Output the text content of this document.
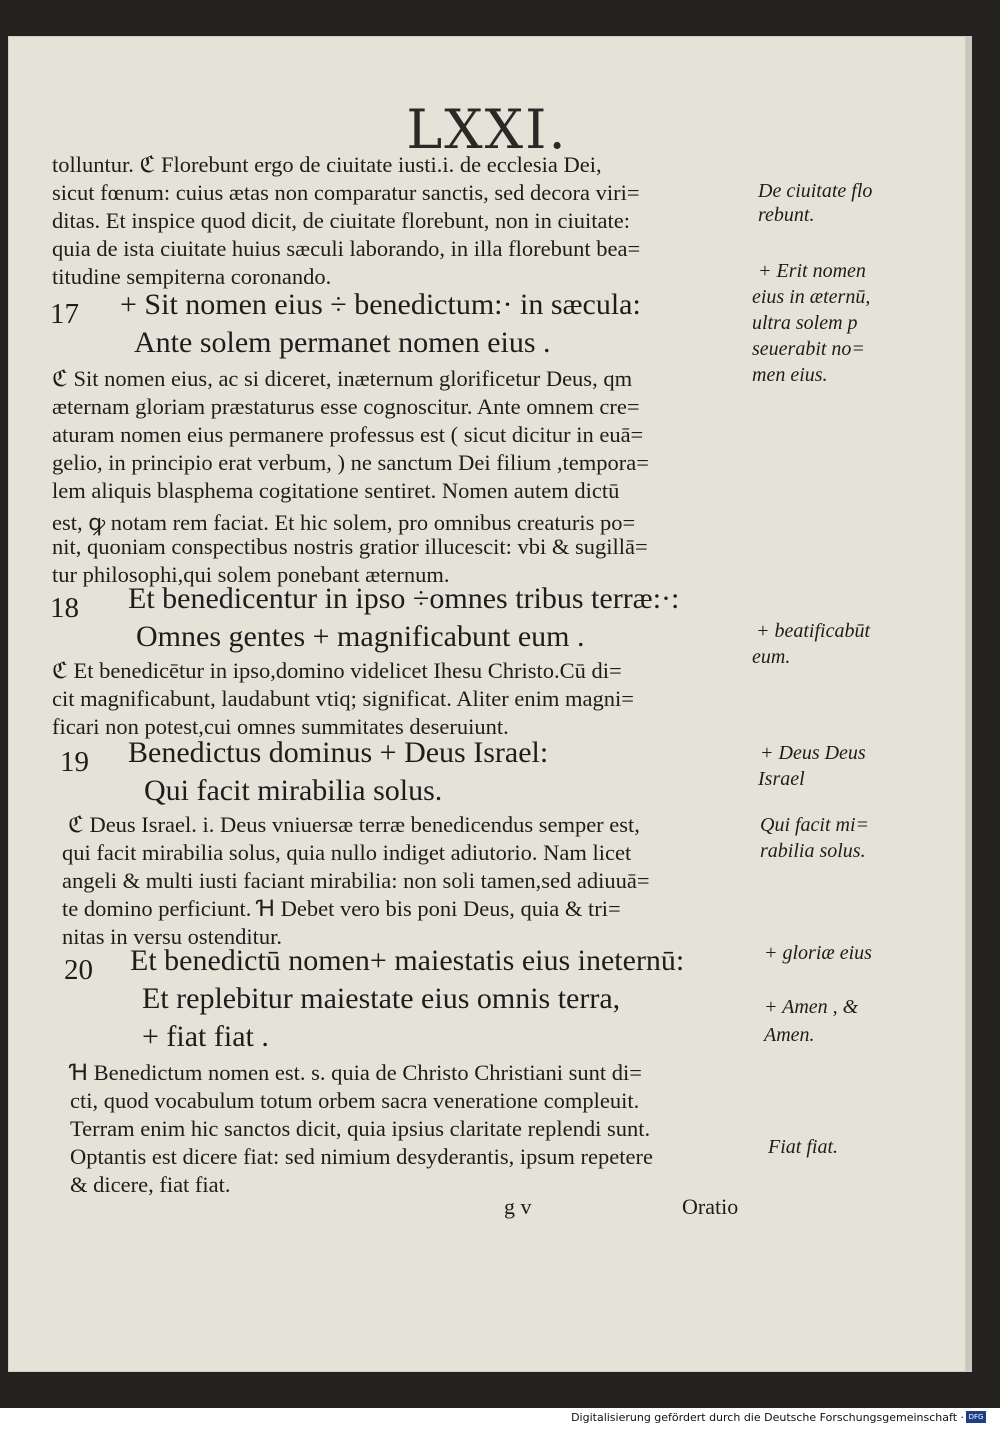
LXXI.
tolluntur. ℭ Florebunt ergo de ciuitate iusti.i. de ecclesia Dei,
sicut fœnum: cuius ætas non comparatur sanctis, sed decora viri=
ditas. Et inspice quod dicit, de ciuitate florebunt, non in ciuitate:
quia de ista ciuitate huius sæculi laborando, in illa florebunt bea=
titudine sempiterna coronando.
17 + Sit nomen eius ÷ benedictum:· in sæcula:
Ante solem permanet nomen eius .
ℭ Sit nomen eius, ac si diceret, inæternum glorificetur Deus, qm
æternam gloriam præstaturus esse cognoscitur. Ante omnem cre=
aturam nomen eius permanere professus est ( sicut dicitur in euā=
gelio, in principio erat verbum, ) ne sanctum Dei filium ,tempora=
lem aliquis blasphema cogitatione sentiret. Nomen autem dictū
est, ꝙ notam rem faciat. Et hic solem, pro omnibus creaturis po=
nit, quoniam conspectibus nostris gratior illucescit: vbi & sugillā=
tur philosophi,qui solem ponebant æternum.
18 Et benedicentur in ipso ÷omnes tribus terræ:·:
Omnes gentes + magnificabunt eum .
ℭ Et benedicētur in ipso,domino videlicet Ihesu Christo.Cū di=
cit magnificabunt, laudabunt vtiq; significat. Aliter enim magni=
ficari non potest,cui omnes summitates deseruiunt.
19 Benedictus dominus + Deus Israel:
Qui facit mirabilia solus.
ℭ Deus Israel. i. Deus vniuersæ terræ benedicendus semper est,
qui facit mirabilia solus, quia nullo indiget adiutorio. Nam licet
angeli & multi iusti faciant mirabilia: non soli tamen,sed adiuuā=
te domino perficiunt. Ɦ Debet vero bis poni Deus, quia & tri=
nitas in versu ostenditur.
20 Et benedictū nomen+ maiestatis eius ineternū:
Et replebitur maiestate eius omnis terra,
+ fiat fiat .
Ɦ Benedictum nomen est. s. quia de Christo Christiani sunt di=
cti, quod vocabulum totum orbem sacra veneratione compleuit.
Terram enim hic sanctos dicit, quia ipsius claritate replendi sunt.
Optantis est dicere fiat: sed nimium desyderantis, ipsum repetere
& dicere, fiat fiat.
De ciuitate flo
rebunt.
+ Erit nomen
eius in æternū,
ultra solem p
seuerabit no=
men eius.
+ beatificabūt
eum.
+ Deus Deus
Israel
Qui facit mi=
rabilia solus.
+ gloriæ eius
+ Amen , &
Amen.
Fiat fiat.
g v	Oratio
Digitalisierung gefördert durch die Deutsche Forschungsgemeinschaft · DFG
